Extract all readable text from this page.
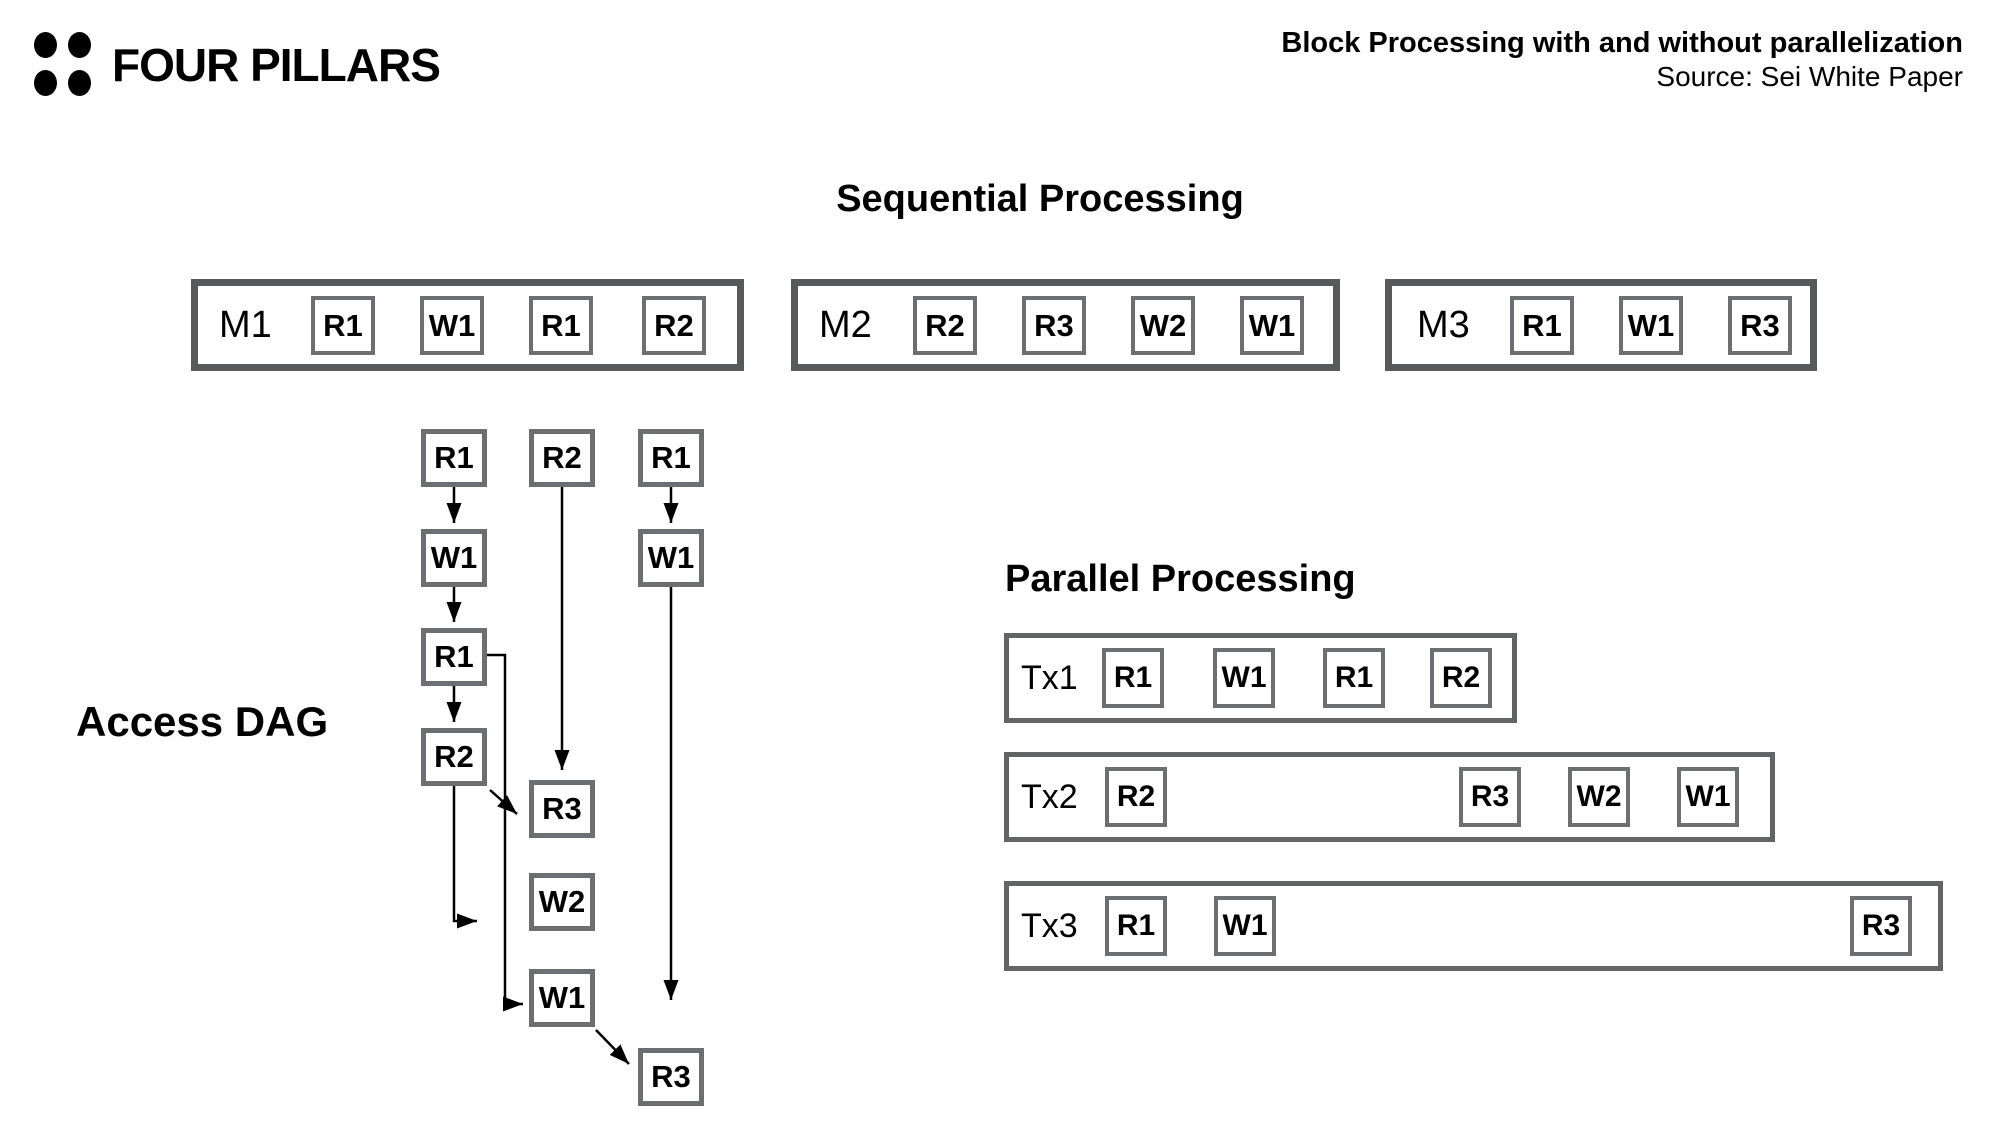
FOUR PILLARS	Block Processing with and without parallelization
Source: Sei White Paper
Sequential Processing
M1	R1	W1	R1	R2	M2	R2	R3	W2 W1	M3	R1	W1	R3
Access DAG
R1
W1
R1
R2
R2
R3
W2
W1
R1
W1
R3
Parallel Processing
Tx1	R1	W1	R1	R2
Tx2	R2	R3	W2 W1
Tx3	R1	W1	R3
